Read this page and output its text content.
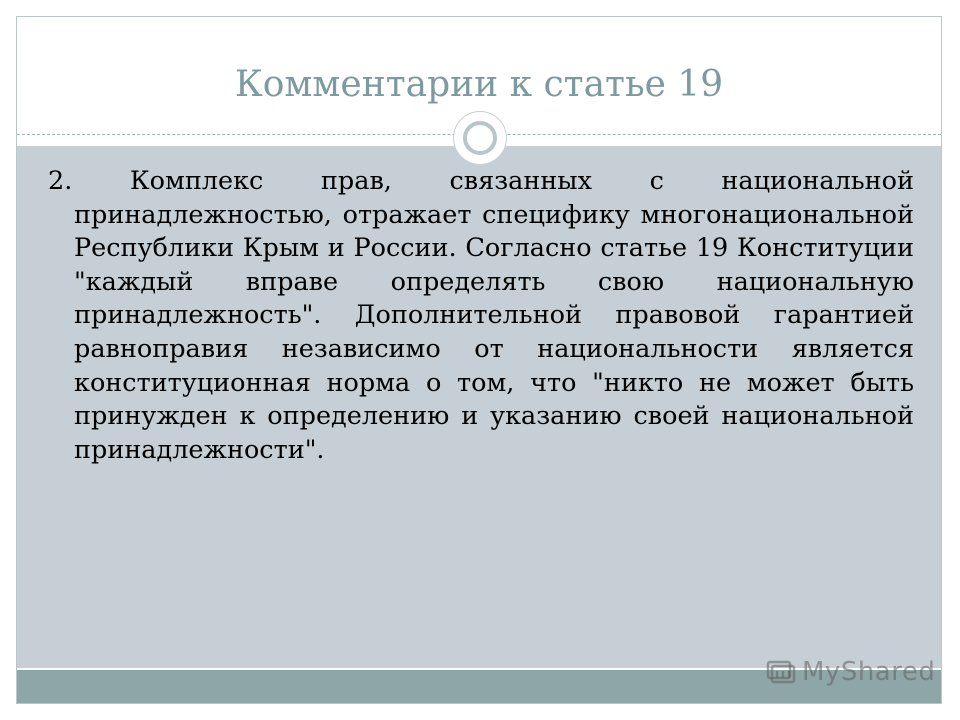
Комментарии к статье 19

2. Комплекс прав, связанных с национальной принадлежностью, отражает специфику многонациональной Республики Крым и России. Согласно статье 19 Конституции "каждый вправе определять свою национальную принадлежность". Дополнительной правовой гарантией равноправия независимо от национальности является конституционная норма о том, что "никто не может быть принужден к определению и указанию своей национальной принадлежности".

MyShared
